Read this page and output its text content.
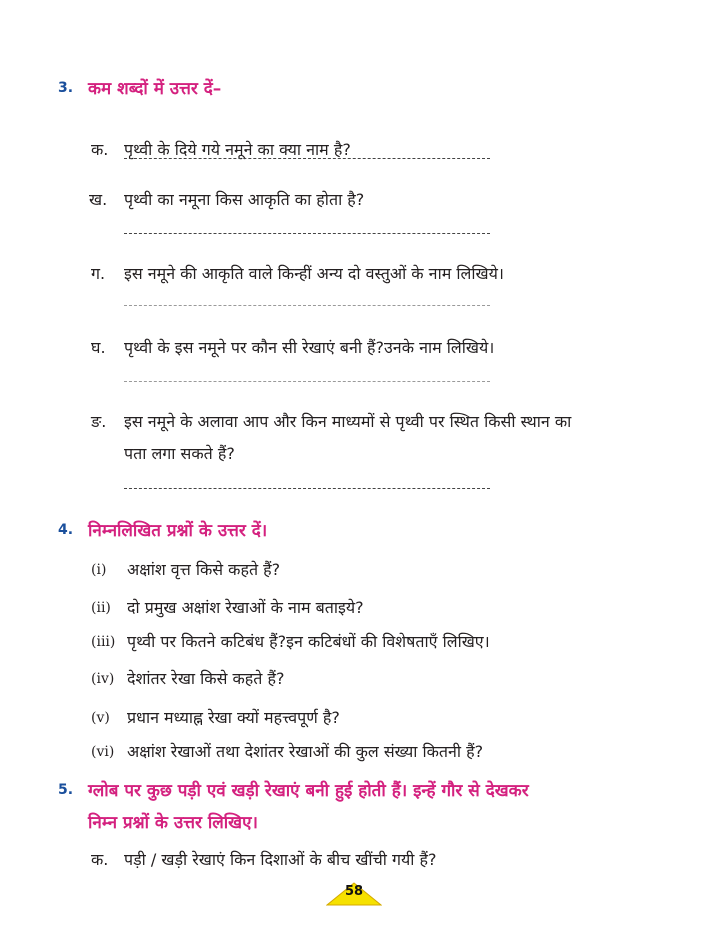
3. कम शब्दों में उत्तर दें–
क. पृथ्वी के दिये गये नमूने का क्या नाम है?
ख. पृथ्वी का नमूना किस आकृति का होता है?
ग. इस नमूने की आकृति वाले किन्हीं अन्य दो वस्तुओं के नाम लिखिये।
घ. पृथ्वी के इस नमूने पर कौन सी रेखाएं बनी हैं?उनके नाम लिखिये।
ङ. इस नमूने के अलावा आप और किन माध्यमों से पृथ्वी पर स्थित किसी स्थान का
पता लगा सकते हैं?
4. निम्नलिखित प्रश्नों के उत्तर दें।
(i) अक्षांश वृत्त किसे कहते हैं?
(ii) दो प्रमुख अक्षांश रेखाओं के नाम बताइये?
(iii) पृथ्वी पर कितने कटिबंध हैं?इन कटिबंधों की विशेषताएँ लिखिए।
(iv) देशांतर रेखा किसे कहते हैं?
(v) प्रधान मध्याह्न रेखा क्यों महत्त्वपूर्ण है?
(vi) अक्षांश रेखाओं तथा देशांतर रेखाओं की कुल संख्या कितनी हैं?
5. ग्लोब पर कुछ पड़ी एवं खड़ी रेखाएं बनी हुई होती हैं। इन्हें गौर से देखकर
निम्न प्रश्नों के उत्तर लिखिए।
क. पड़ी / खड़ी रेखाएं किन दिशाओं के बीच खींची गयी हैं?
58
